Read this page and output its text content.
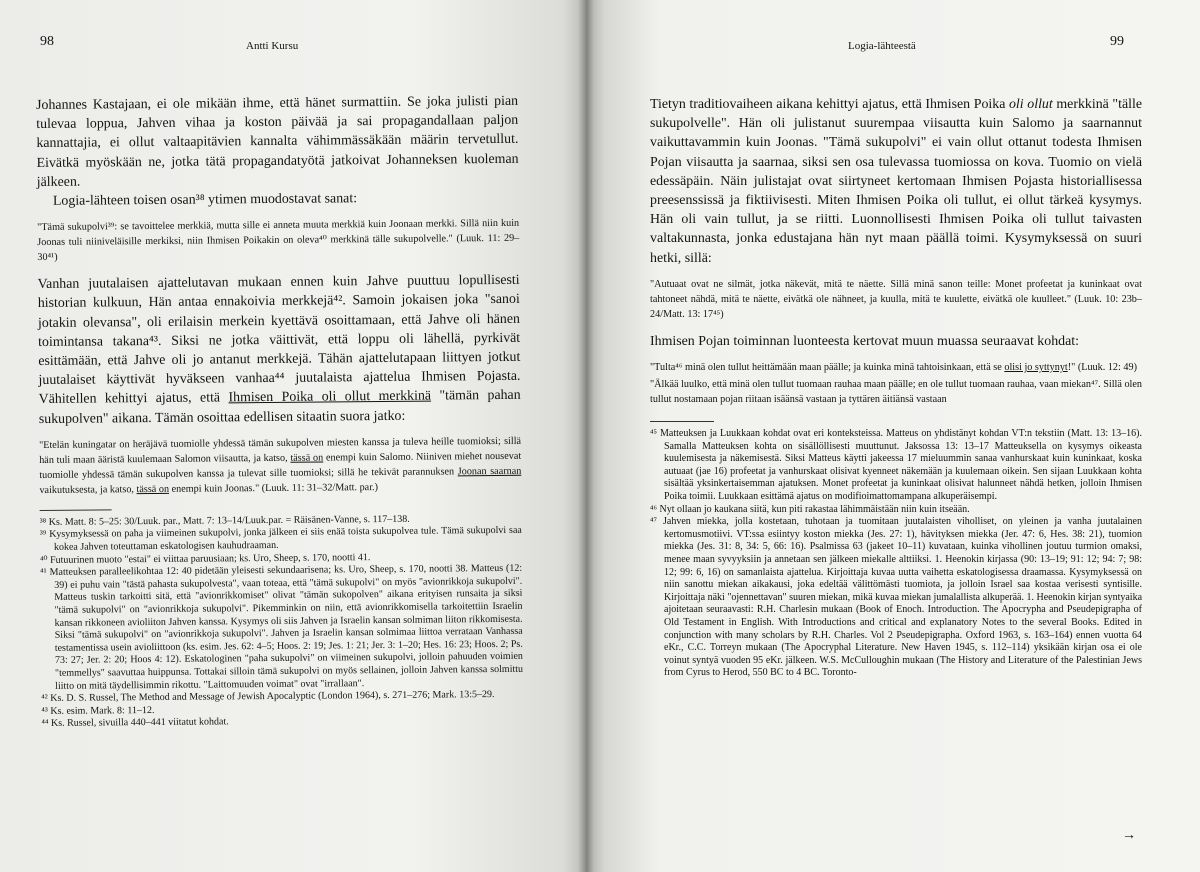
98	Antti Kursu

Johannes Kastajaan, ei ole mikään ihme, että hänet surmattiin. Se joka julisti pian tulevaa loppua, Jahven vihaa ja koston päivää ja sai propagandallaan paljon kannattajia, ei ollut valtaapitävien kannalta vähimmässäkään määrin tervetullut. Eivätkä myöskään ne, jotka tätä propagandatyötä jatkoivat Johanneksen kuoleman jälkeen.

Logia-lähteen toisen osan³⁸ ytimen muodostavat sanat:

"Tämä sukupolvi³⁹: se tavoittelee merkkiä, mutta sille ei anneta muuta merkkiä kuin Joonaan merkki. Sillä niin kuin Joonas tuli niiniveläisille merkiksi, niin Ihmisen Poikakin on oleva⁴⁰ merkkinä tälle sukupolvelle." (Luuk. 11: 29–30⁴¹)

Vanhan juutalaisen ajattelutavan mukaan ennen kuin Jahve puuttuu lopullisesti historian kulkuun, Hän antaa ennakoivia merkkejä⁴². Samoin jokaisen joka "sanoi jotakin olevansa", oli erilaisin merkein kyettävä osoittamaan, että Jahve oli hänen toimintansa takana⁴³. Siksi ne jotka väittivät, että loppu oli lähellä, pyrkivät esittämään, että Jahve oli jo antanut merkkejä. Tähän ajattelutapaan liittyen jotkut juutalaiset käyttivät hyväkseen vanhaa⁴⁴ juutalaista ajattelua Ihmisen Pojasta. Vähitellen kehittyi ajatus, että Ihmisen Poika oli ollut merkkinä "tämän pahan sukupolven" aikana. Tämän osoittaa edellisen sitaatin suora jatko:

"Etelän kuningatar on heräjävä tuomiolle yhdessä tämän sukupolven miesten kanssa ja tuleva heille tuomioksi; sillä hän tuli maan ääristä kuulemaan Salomon viisautta, ja katso, tässä on enempi kuin Salomo. Niiniven miehet nousevat tuomiolle yhdessä tämän sukupolven kanssa ja tulevat sille tuomioksi; sillä he tekivät parannuksen Joonan saarnan vaikutuksesta, ja katso, tässä on enempi kuin Joonas." (Luuk. 11: 31–32/Matt. par.)

³⁸ Ks. Matt. 8: 5–25: 30/Luuk. par., Matt. 7: 13–14/Luuk.par. = Räisänen-Vanne, s. 117–138.

³⁹ Kysymyksessä on paha ja viimeinen sukupolvi, jonka jälkeen ei siis enää toista sukupolvea tule. Tämä sukupolvi saa kokea Jahven toteuttaman eskatologisen kauhudraaman.

⁴⁰ Futuurinen muoto "estai" ei viittaa paruusiaan; ks. Uro, Sheep, s. 170, nootti 41.

⁴¹ Matteuksen paralleelikohtaa 12: 40 pidetään yleisesti sekundaarisena; ks. Uro, Sheep, s. 170, nootti 38. Matteus (12: 39) ei puhu vain "tästä pahasta sukupolvesta", vaan toteaa, että "tämä sukupolvi" on myös "avionrikkoja sukupolvi". Matteus tuskin tarkoitti sitä, että "avionrikkomiset" olivat "tämän sukopolven" aikana erityisen runsaita ja siksi "tämä sukupolvi" on "avionrikkoja sukupolvi". Pikemminkin on niin, että avionrikkomisella tarkoitettiin Israelin kansan rikkoneen avioliiton Jahven kanssa. Kysymys oli siis Jahven ja Israelin kansan solmiman liiton rikkomisesta. Siksi "tämä sukupolvi" on "avionrikkoja sukupolvi". Jahven ja Israelin kansan solmimaa liittoa verrataan Vanhassa testamentissa usein avioliittoon (ks. esim. Jes. 62: 4–5; Hoos. 2: 19; Jes. 1: 21; Jer. 3: 1–20; Hes. 16: 23; Hoos. 2; Ps. 73: 27; Jer. 2: 20; Hoos 4: 12). Eskatologinen "paha sukupolvi" on viimeinen sukupolvi, jolloin pahuuden voimien "temmellys" saavuttaa huippunsa. Tottakai silloin tämä sukupolvi on myös sellainen, jolloin Jahven kanssa solmittu liitto on mitä täydellisimmin rikottu. "Laittomuuden voimat" ovat "irrallaan".

⁴² Ks. D. S. Russel, The Method and Message of Jewish Apocalyptic (London 1964), s. 271–276; Mark. 13:5–29.

⁴³ Ks. esim. Mark. 8: 11–12.

⁴⁴ Ks. Russel, sivuilla 440–441 viitatut kohdat.

Logia-lähteestä	99

Tietyn traditiovaiheen aikana kehittyi ajatus, että Ihmisen Poika oli ollut merkkinä "tälle sukupolvelle". Hän oli julistanut suurempaa viisautta kuin Salomo ja saarnannut vaikuttavammin kuin Joonas. "Tämä sukupolvi" ei vain ollut ottanut todesta Ihmisen Pojan viisautta ja saarnaa, siksi sen osa tulevassa tuomiossa on kova. Tuomio on vielä edessäpäin. Näin julistajat ovat siirtyneet kertomaan Ihmisen Pojasta historiallisessa preesenssissä ja fiktiivisesti. Miten Ihmisen Poika oli tullut, ei ollut tärkeä kysymys. Hän oli vain tullut, ja se riitti. Luonnollisesti Ihmisen Poika oli tullut taivasten valtakunnasta, jonka edustajana hän nyt maan päällä toimi. Kysymyksessä on suuri hetki, sillä:

"Autuaat ovat ne silmät, jotka näkevät, mitä te näette. Sillä minä sanon teille: Monet profeetat ja kuninkaat ovat tahtoneet nähdä, mitä te näette, eivätkä ole nähneet, ja kuulla, mitä te kuulette, eivätkä ole kuulleet." (Luuk. 10: 23b–24/Matt. 13: 17⁴⁵)

Ihmisen Pojan toiminnan luonteesta kertovat muun muassa seuraavat kohdat:

"Tulta⁴⁶ minä olen tullut heittämään maan päälle; ja kuinka minä tahtoisinkaan, että se olisi jo syttynyt!" (Luuk. 12: 49)

"Älkää luulko, että minä olen tullut tuomaan rauhaa maan päälle; en ole tullut tuomaan rauhaa, vaan miekan⁴⁷. Sillä olen tullut nostamaan pojan riitaan isäänsä vastaan ja tyttären äitiänsä vastaan

⁴⁵ Matteuksen ja Luukkaan kohdat ovat eri konteksteissa. Matteus on yhdistänyt kohdan VT:n tekstiin (Matt. 13: 13–16). Samalla Matteuksen kohta on sisällöllisesti muuttunut. Jaksossa 13: 13–17 Matteuksella on kysymys oikeasta kuulemisesta ja näkemisestä. Siksi Matteus käytti jakeessa 17 mieluummin sanaa vanhurskaat kuin kuninkaat, koska autuaat (jae 16) profeetat ja vanhurskaat olisivat kyenneet näkemään ja kuulemaan oikein. Sen sijaan Luukkaan kohta sisältää yksinkertaisemman ajatuksen. Monet profeetat ja kuninkaat olisivat halunneet nähdä hetken, jolloin Ihmisen Poika toimii. Luukkaan esittämä ajatus on modifioimattomampana alkuperäisempi.

⁴⁶ Nyt ollaan jo kaukana siitä, kun piti rakastaa lähimmäistään niin kuin itseään.

⁴⁷ Jahven miekka, jolla kostetaan, tuhotaan ja tuomitaan juutalaisten viholliset, on yleinen ja vanha juutalainen kertomusmotiivi. VT:ssa esiintyy koston miekka (Jes. 27: 1), hävityksen miekka (Jer. 47: 6, Hes. 38: 21), tuomion miekka (Jes. 31: 8, 34: 5, 66: 16). Psalmissa 63 (jakeet 10–11) kuvataan, kuinka vihollinen joutuu turmion omaksi, menee maan syvyyksiin ja annetaan sen jälkeen miekalle alttiiksi. 1. Heenokin kirjassa (90: 13–19; 91: 12; 94: 7; 98: 12; 99: 6, 16) on samanlaista ajattelua. Kirjoittaja kuvaa uutta vaihetta eskatologisessa draamassa. Kysymyksessä on niin sanottu miekan aikakausi, joka edeltää välittömästi tuomiota, ja jolloin Israel saa kostaa verisesti syntisille. Kirjoittaja näki "ojennettavan" suuren miekan, mikä kuvaa miekan jumalallista alkuperää. 1. Heenokin kirjan syntyaika ajoitetaan seuraavasti: R.H. Charlesin mukaan (Book of Enoch. Introduction. The Apocrypha and Pseudepigrapha of Old Testament in English. With Introductions and critical and explanatory Notes to the several Books. Edited in conjunction with many scholars by R.H. Charles. Vol 2 Pseudepigrapha. Oxford 1963, s. 163–164) ennen vuotta 64 eKr., C.C. Torreyn mukaan (The Apocryphal Literature. New Haven 1945, s. 112–114) yksikään kirjan osa ei ole voinut syntyä vuoden 95 eKr. jälkeen. W.S. McCulloughin mukaan (The History and Literature of the Palestinian Jews from Cyrus to Herod, 550 BC to 4 BC. Toronto-

→
